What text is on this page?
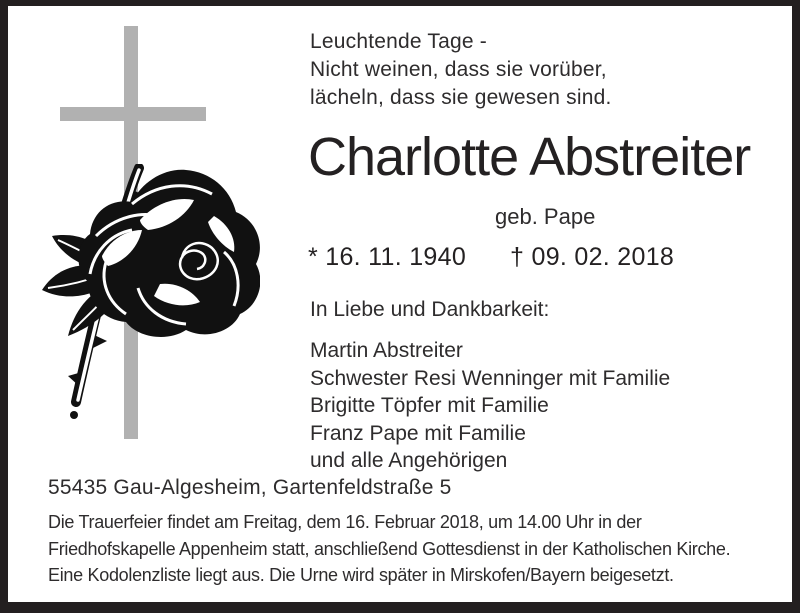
Leuchtende Tage -
Nicht weinen, dass sie vorüber,
lächeln, dass sie gewesen sind.
Charlotte Abstreiter
geb. Pape
* 16. 11. 1940 † 09. 02. 2018
In Liebe und Dankbarkeit:
Martin Abstreiter
Schwester Resi Wenninger mit Familie
Brigitte Töpfer mit Familie
Franz Pape mit Familie
und alle Angehörigen
55435 Gau-Algesheim, Gartenfeldstraße 5
Die Trauerfeier findet am Freitag, dem 16. Februar 2018, um 14.00 Uhr in der
Friedhofskapelle Appenheim statt, anschließend Gottesdienst in der Katholischen Kirche.
Eine Kodolenzliste liegt aus. Die Urne wird später in Mirskofen/Bayern beigesetzt.
